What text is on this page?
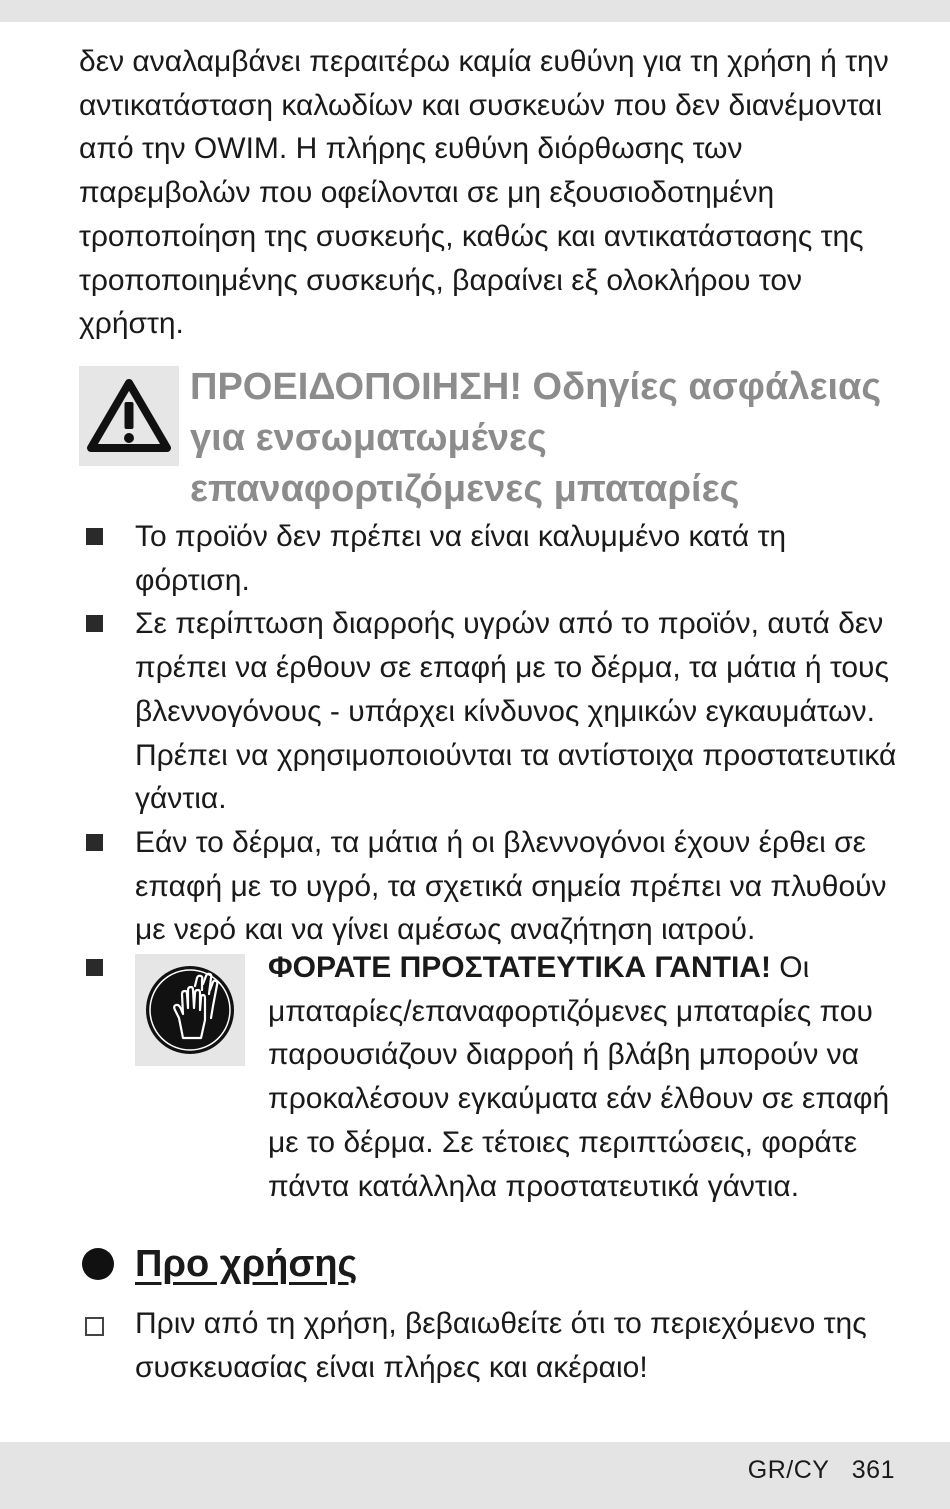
δεν αναλαμβάνει περαιτέρω καμία ευθύνη για τη χρήση ή την αντικατάσταση καλωδίων και συσκευών που δεν διανέμονται από την OWIM. Η πλήρης ευθύνη διόρθωσης των παρεμβολών που οφείλονται σε μη εξουσιοδοτημένη τροποποίηση της συσκευής, καθώς και αντικατάστασης της τροποποιημένης συσκευής, βαραίνει εξ ολοκλήρου τον χρήστη.

ΠΡΟΕΙΔΟΠΟΙΗΣΗ! Οδηγίες ασφάλειας για ενσωματωμένες επαναφορτιζόμενες μπαταρίες
Το προϊόν δεν πρέπει να είναι καλυμμένο κατά τη φόρτιση.
Σε περίπτωση διαρροής υγρών από το προϊόν, αυτά δεν πρέπει να έρθουν σε επαφή με το δέρμα, τα μάτια ή τους βλεννογόνους - υπάρχει κίνδυνος χημικών εγκαυμάτων. Πρέπει να χρησιμοποιούνται τα αντίστοιχα προστατευτικά γάντια.
Εάν το δέρμα, τα μάτια ή οι βλεννογόνοι έχουν έρθει σε επαφή με το υγρό, τα σχετικά σημεία πρέπει να πλυθούν με νερό και να γίνει αμέσως αναζήτηση ιατρού.
ΦΟΡΑΤΕ ΠΡΟΣΤΑΤΕΥΤΙΚΑ ΓΑΝΤΙΑ! Οι μπαταρίες/επαναφορτιζόμενες μπαταρίες που παρουσιάζουν διαρροή ή βλάβη μπορούν να προκαλέσουν εγκαύματα εάν έλθουν σε επαφή με το δέρμα. Σε τέτοιες περιπτώσεις, φοράτε πάντα κατάλληλα προστατευτικά γάντια.
Προ χρήσης
Πριν από τη χρήση, βεβαιωθείτε ότι το περιεχόμενο της συσκευασίας είναι πλήρες και ακέραιο!
GR/CY 361
